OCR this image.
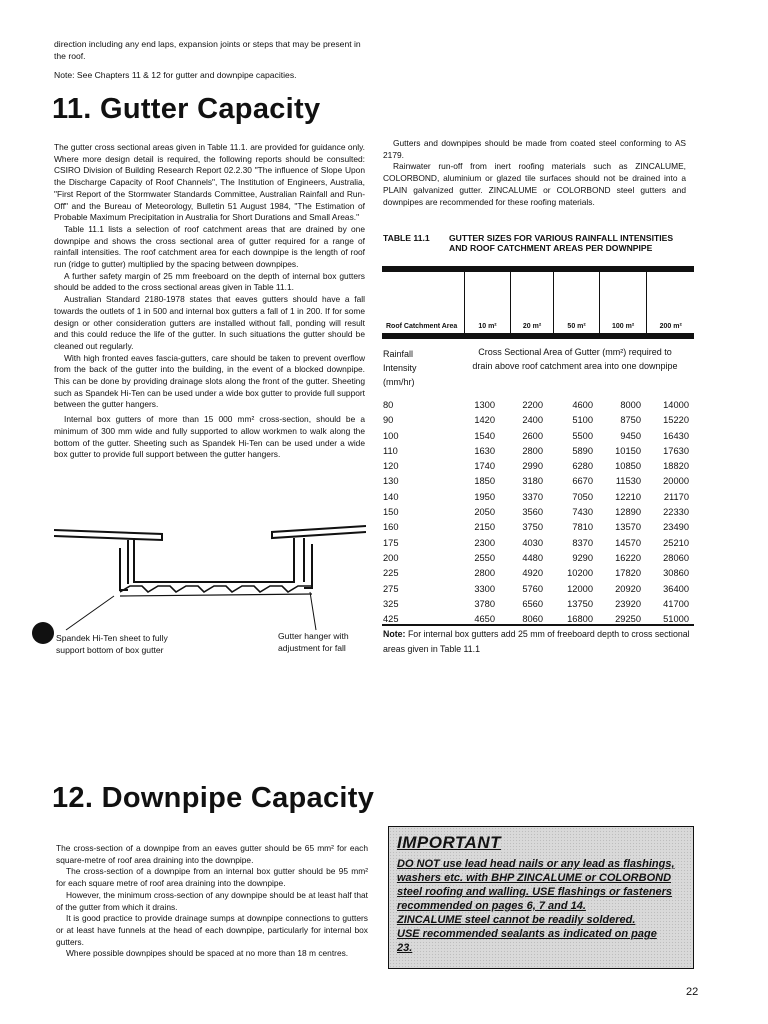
direction including any end laps, expansion joints or steps that may be present in the roof.
Note: See Chapters 11 & 12 for gutter and downpipe capacities.
11. Gutter Capacity

The gutter cross sectional areas given in Table 11.1. are provided for guidance only. Where more design detail is required, the following reports should be consulted: CSIRO Division of Building Research Report 02.2.30 "The influence of Slope Upon the Discharge Capacity of Roof Channels", The Institution of Engineers, Australia, "First Report of the Stormwater Standards Committee, Australian Rainfall and Run-Off" and the Bureau of Meteorology, Bulletin 51 August 1984, "The Estimation of Probable Maximum Precipitation in Australia for Short Durations and Small Areas."

Table 11.1 lists a selection of roof catchment areas that are drained by one downpipe and shows the cross sectional area of gutter required for a range of rainfall intensities. The roof catchment area for each downpipe is the length of roof run (ridge to gutter) multiplied by the spacing between downpipes.

A further safety margin of 25 mm freeboard on the depth of internal box gutters should be added to the cross sectional areas given in Table 11.1.

Australian Standard 2180-1978 states that eaves gutters should have a fall towards the outlets of 1 in 500 and internal box gutters a fall of 1 in 200. If for some design or other consideration gutters are installed without fall, ponding will result and this could reduce the life of the gutter. In such situations the gutter should be cleaned out regularly.

With high fronted eaves fascia-gutters, care should be taken to prevent overflow from the back of the gutter into the building, in the event of a blocked downpipe. This can be done by providing drainage slots along the front of the gutter. Sheeting such as Spandek Hi-Ten can be used under a wide box gutter to provide full support between the gutter hangers.

Internal box gutters of more than 15 000 mm² cross-section, should be a minimum of 300 mm wide and fully supported to allow workmen to walk along the bottom of the gutter. Sheeting such as Spandek Hi-Ten can be used under a wide box gutter to provide full support between the gutter hangers.

Spandek Hi-Ten sheet to fully support bottom of box gutter
Gutter hanger with adjustment for fall

Gutters and downpipes should be made from coated steel conforming to AS 2179.

Rainwater run-off from inert roofing materials such as ZINCALUME, COLORBOND, aluminium or glazed tile surfaces should not be drained into a PLAIN galvanized gutter. ZINCALUME or COLORBOND steel gutters and downpipes are recommended for these roofing materials.

TABLE 11.1	GUTTER SIZES FOR VARIOUS RAINFALL INTENSITIES AND ROOF CATCHMENT AREAS PER DOWNPIPE
Roof Catchment Area	10 m²	20 m²	50 m²	100 m²	200 m²
Rainfall Intensity (mm/hr)
Cross Sectional Area of Gutter (mm²) required to drain above roof catchment area into one downpipe
80	1300	2200	4600	8000	14000
90	1420	2400	5100	8750	15220
100	1540	2600	5500	9450	16430
110	1630	2800	5890	10150	17630
120	1740	2990	6280	10850	18820
130	1850	3180	6670	11530	20000
140	1950	3370	7050	12210	21170
150	2050	3560	7430	12890	22330
160	2150	3750	7810	13570	23490
175	2300	4030	8370	14570	25210
200	2550	4480	9290	16220	28060
225	2800	4920	10200	17820	30860
275	3300	5760	12000	20920	36400
325	3780	6560	13750	23920	41700
425	4650	8060	16800	29250	51000
Note: For internal box gutters add 25 mm of freeboard depth to cross sectional areas given in Table 11.1
12. Downpipe Capacity

The cross-section of a downpipe from an eaves gutter should be 65 mm² for each square-metre of roof area draining into the downpipe.

The cross-section of a downpipe from an internal box gutter should be 95 mm² for each square metre of roof area draining into the downpipe.

However, the minimum cross-section of any downpipe should be at least half that of the gutter from which it drains.

It is good practice to provide drainage sumps at downpipe connections to gutters or at least have funnels at the head of each downpipe, particularly for internal box gutters.

Where possible downpipes should be spaced at no more than 18 m centres.

IMPORTANT
DO NOT use lead head nails or any lead as flashings,
washers etc. with BHP ZINCALUME or COLORBOND
steel roofing and walling. USE flashings or fasteners
recommended on pages 6, 7 and 14.
ZINCALUME steel cannot be readily soldered.
USE recommended sealants as indicated on page
23.
22
